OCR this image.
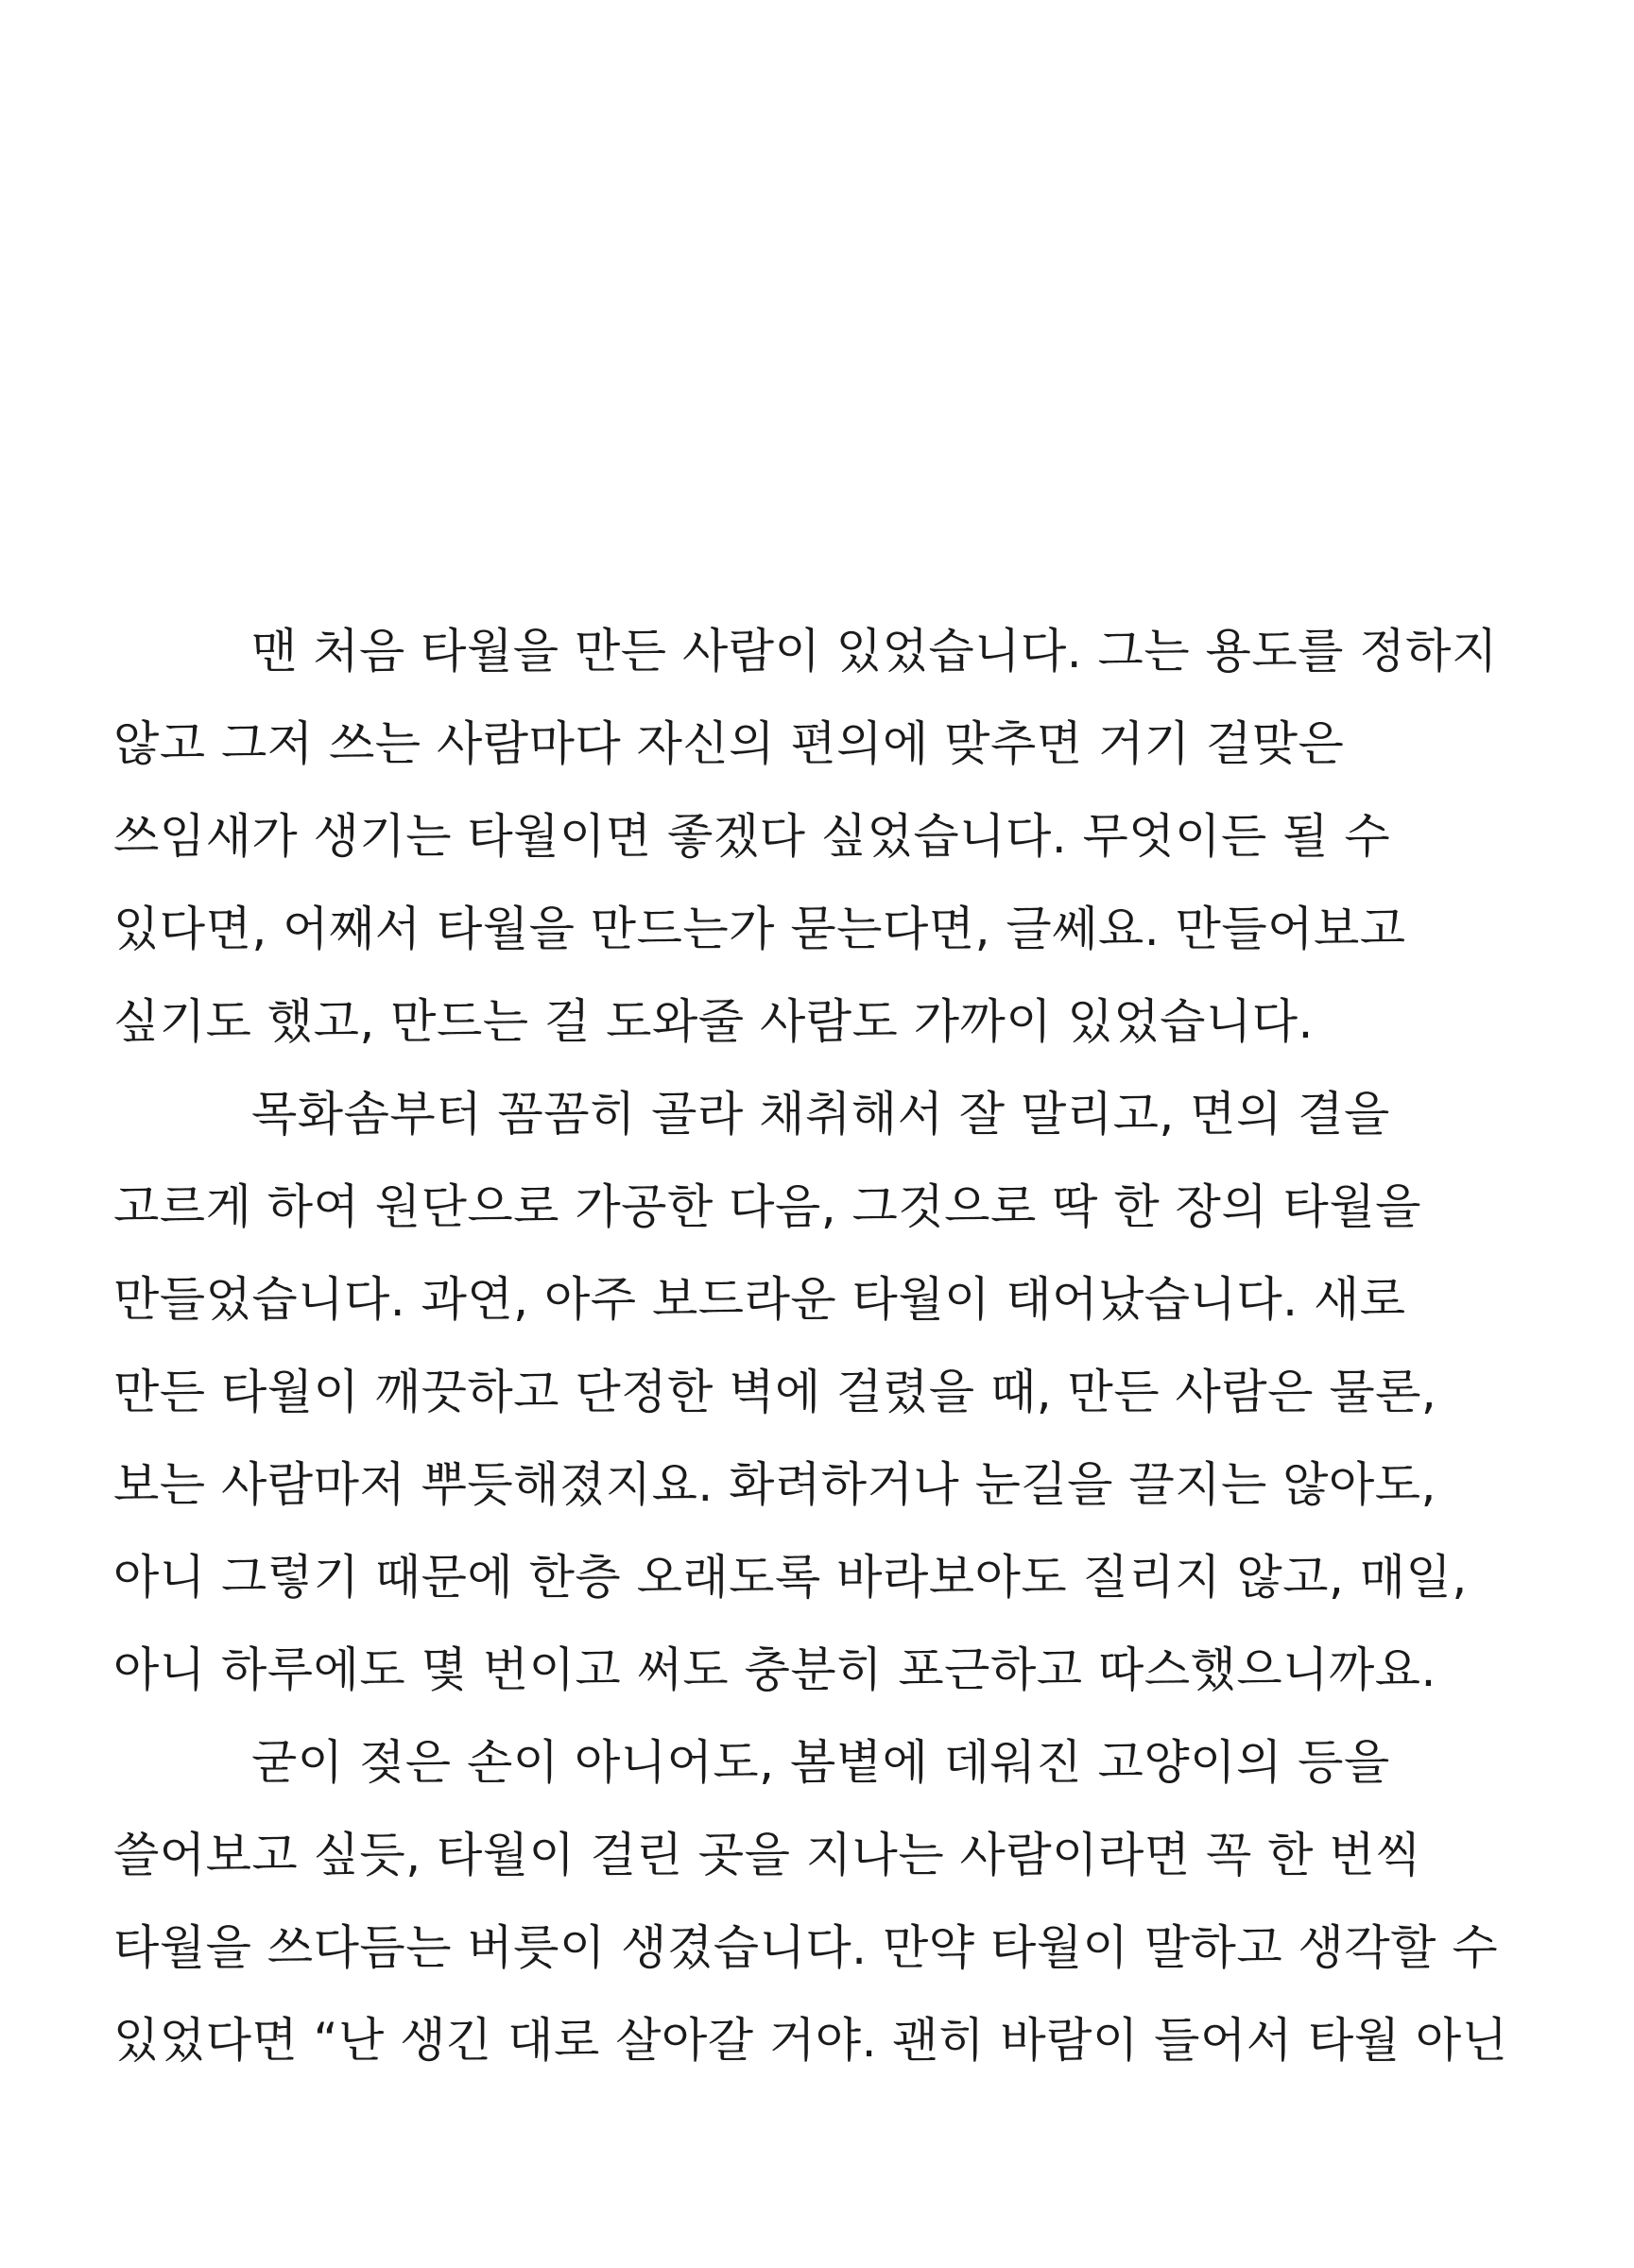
맨 처음 타월을 만든 사람이 있었습니다. 그는 용도를 정하지
않고 그저 쓰는 사람마다 자신의 편의에 맞추면 거기 걸맞은
쓰임새가 생기는 타월이면 좋겠다 싶었습니다. 무엇이든 될 수
있다면, 어째서 타월을 만드는가 묻는다면, 글쎄요. 만들어보고
싶기도 했고, 만드는 걸 도와줄 사람도 가까이 있었습니다.
목화솜부터 꼼꼼히 골라 채취해서 잘 말리고, 면의 결을
고르게 하여 원단으로 가공한 다음, 그것으로 딱 한 장의 타월을
만들었습니다. 과연, 아주 보드라운 타월이 태어났습니다. 새로
만든 타월이 깨끗하고 단정한 벽에 걸렸을 때, 만든 사람은 물론,
보는 사람마저 뿌듯해졌지요. 화려하거나 눈길을 끌지는 않아도,
아니 그렇기 때문에 한층 오래도록 바라보아도 질리지 않고, 매일,
아니 하루에도 몇 번이고 써도 충분히 포근하고 따스했으니까요.
굳이 젖은 손이 아니어도, 봄볕에 데워진 고양이의 등을
쓸어보고 싶듯, 타월이 걸린 곳을 지나는 사람이라면 꼭 한 번씩
타월을 쓰다듬는 버릇이 생겼습니다. 만약 타월이 말하고 생각할 수
있었다면 “난 생긴 대로 살아갈 거야. 괜히 바람이 들어서 타월 아닌
